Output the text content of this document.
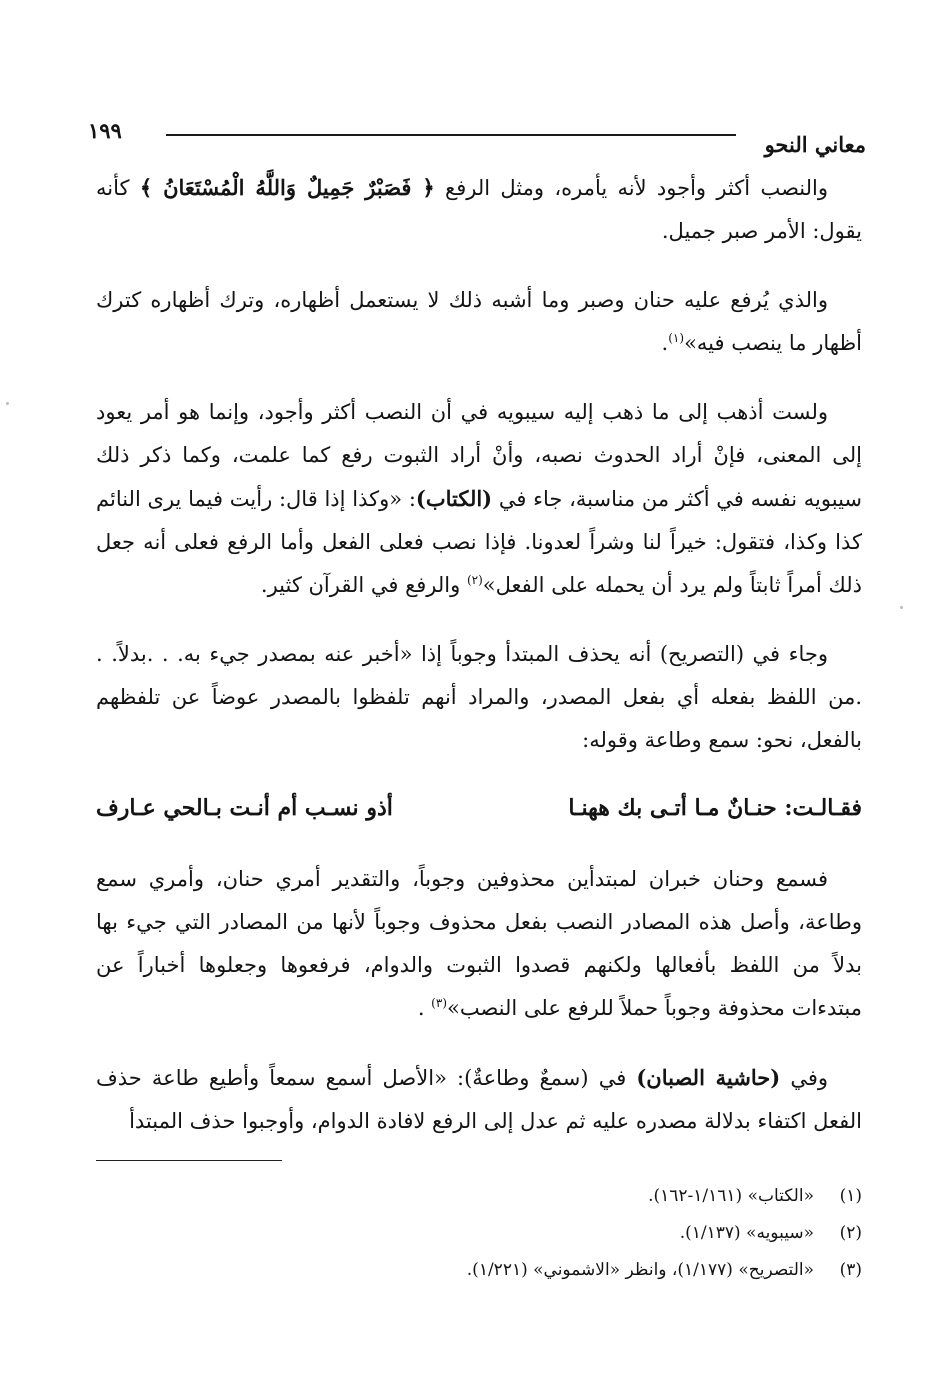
معاني النحو
١٩٩

والنصب أكثر وأجود لأنه يأمره، ومثل الرفع ﴿ فَصَبْرٌ جَمِيلٌ وَاللَّهُ الْمُسْتَعَانُ ﴾ كأنه يقول: الأمر صبر جميل.

والذي يُرفع عليه حنان وصبر وما أشبه ذلك لا يستعمل أظهاره، وترك أظهاره كترك أظهار ما ينصب فيه»$^{(١)}$.

ولست أذهب إلى ما ذهب إليه سيبويه في أن النصب أكثر وأجود، وإنما هو أمر يعود إلى المعنى، فإنْ أراد الحدوث نصبه، وأنْ أراد الثبوت رفع كما علمت، وكما ذكر ذلك سيبويه نفسه في أكثر من مناسبة، جاء في (الكتاب): «وكذا إذا قال: رأيت فيما يرى النائم كذا وكذا، فتقول: خيراً لنا وشراً لعدونا. فإذا نصب فعلى الفعل وأما الرفع فعلى أنه جعل ذلك أمراً ثابتاً ولم يرد أن يحمله على الفعل»$^{(٢)}$ والرفع في القرآن كثير.

وجاء في (التصريح) أنه يحذف المبتدأ وجوباً إذا «أخبر عنه بمصدر جيء به. . .بدلاً. . .من اللفظ بفعله أي بفعل المصدر، والمراد أنهم تلفظوا بالمصدر عوضاً عن تلفظهم بالفعل، نحو: سمع وطاعة وقوله:

فقـالـت: حنـانٌ مـا أتـى بك ههنـا
أذو نسـب أم أنـت بـالحي عـارف

فسمع وحنان خبران لمبتدأين محذوفين وجوباً، والتقدير أمري حنان، وأمري سمع وطاعة، وأصل هذه المصادر النصب بفعل محذوف وجوباً لأنها من المصادر التي جيء بها بدلاً من اللفظ بأفعالها ولكنهم قصدوا الثبوت والدوام، فرفعوها وجعلوها أخباراً عن مبتدءات محذوفة وجوباً حملاً للرفع على النصب»$^{(٣)}$ .

وفي (حاشية الصبان) في (سمعٌ وطاعةٌ): «الأصل أسمع سمعاً وأطيع طاعة حذف الفعل اكتفاء بدلالة مصدره عليه ثم عدل إلى الرفع لافادة الدوام، وأوجبوا حذف المبتدأ

(١)
«الكتاب» (١/١٦١-١٦٢).
(٢)
«سيبويه» (١/١٣٧).
(٣)
«التصريح» (١/١٧٧)، وانظر «الاشموني» (١/٢٢١).
